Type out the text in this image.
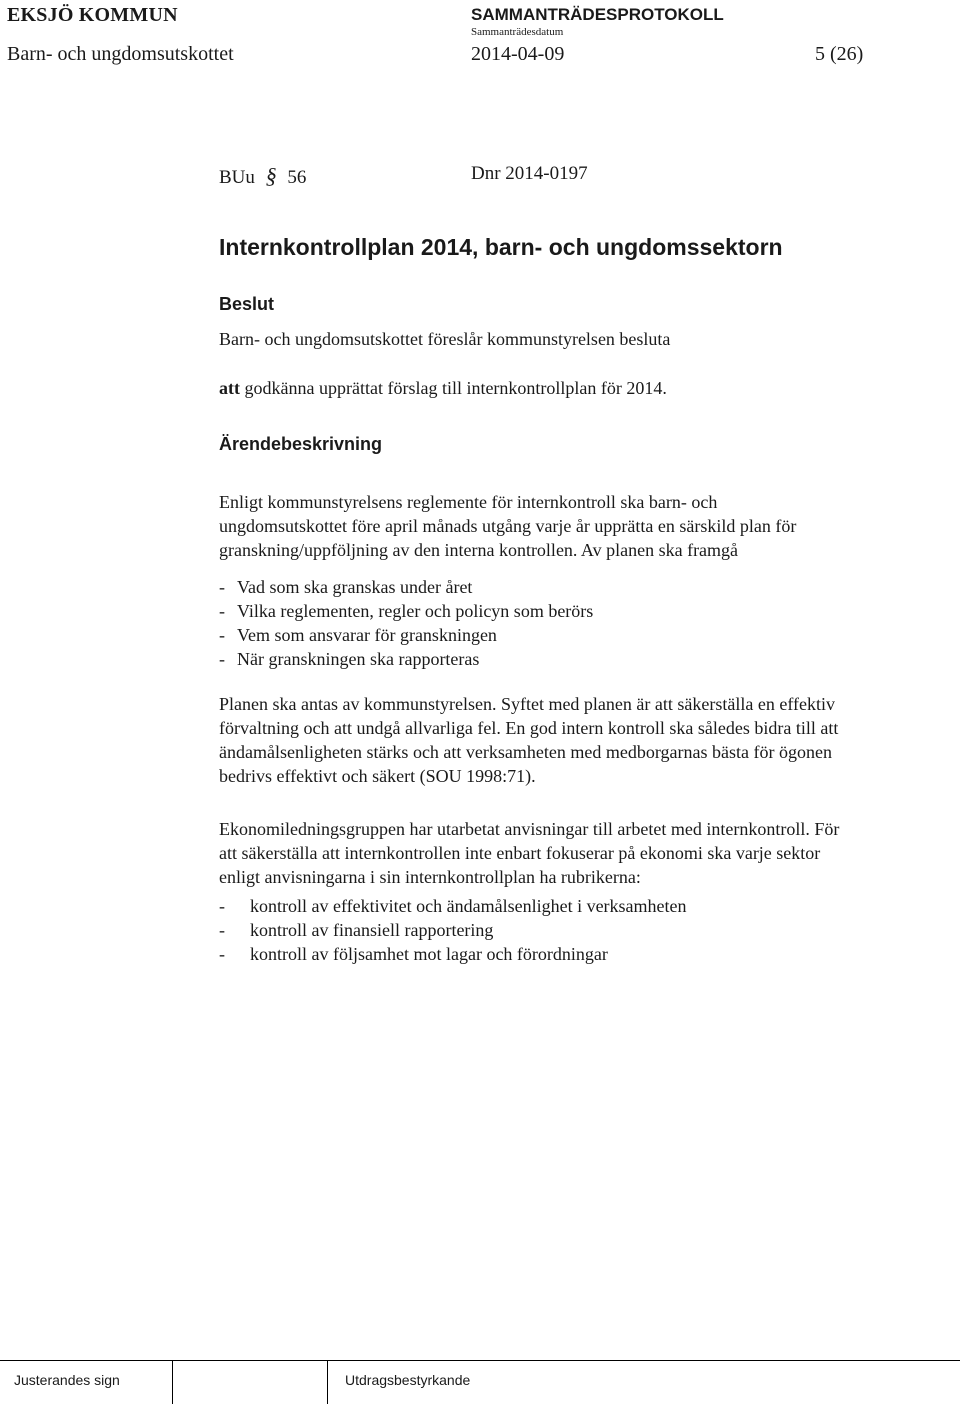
EKSJÖ KOMMUN	SAMMANTRÄDESPROTOKOLL
Sammanträdesdatum
Barn- och ungdomsutskottet	2014-04-09	5 (26)
BUu § 56	Dnr 2014-0197
Internkontrollplan 2014, barn- och ungdomssektorn
Beslut
Barn- och ungdomsutskottet föreslår kommunstyrelsen besluta
att godkänna upprättat förslag till internkontrollplan för 2014.
Ärendebeskrivning
Enligt kommunstyrelsens reglemente för internkontroll ska barn- och
ungdomsutskottet före april månads utgång varje år upprätta en särskild plan för
granskning/uppföljning av den interna kontrollen. Av planen ska framgå
- Vad som ska granskas under året
- Vilka reglementen, regler och policyn som berörs
- Vem som ansvarar för granskningen
- När granskningen ska rapporteras
Planen ska antas av kommunstyrelsen. Syftet med planen är att säkerställa en effektiv
förvaltning och att undgå allvarliga fel. En god intern kontroll ska således bidra till att
ändamålsenligheten stärks och att verksamheten med medborgarnas bästa för ögonen
bedrivs effektivt och säkert (SOU 1998:71).
Ekonomiledningsgruppen har utarbetat anvisningar till arbetet med internkontroll. För
att säkerställa att internkontrollen inte enbart fokuserar på ekonomi ska varje sektor
enligt anvisningarna i sin internkontrollplan ha rubrikerna:
- kontroll av effektivitet och ändamålsenlighet i verksamheten
- kontroll av finansiell rapportering
- kontroll av följsamhet mot lagar och förordningar
Justerandes sign	Utdragsbestyrkande
